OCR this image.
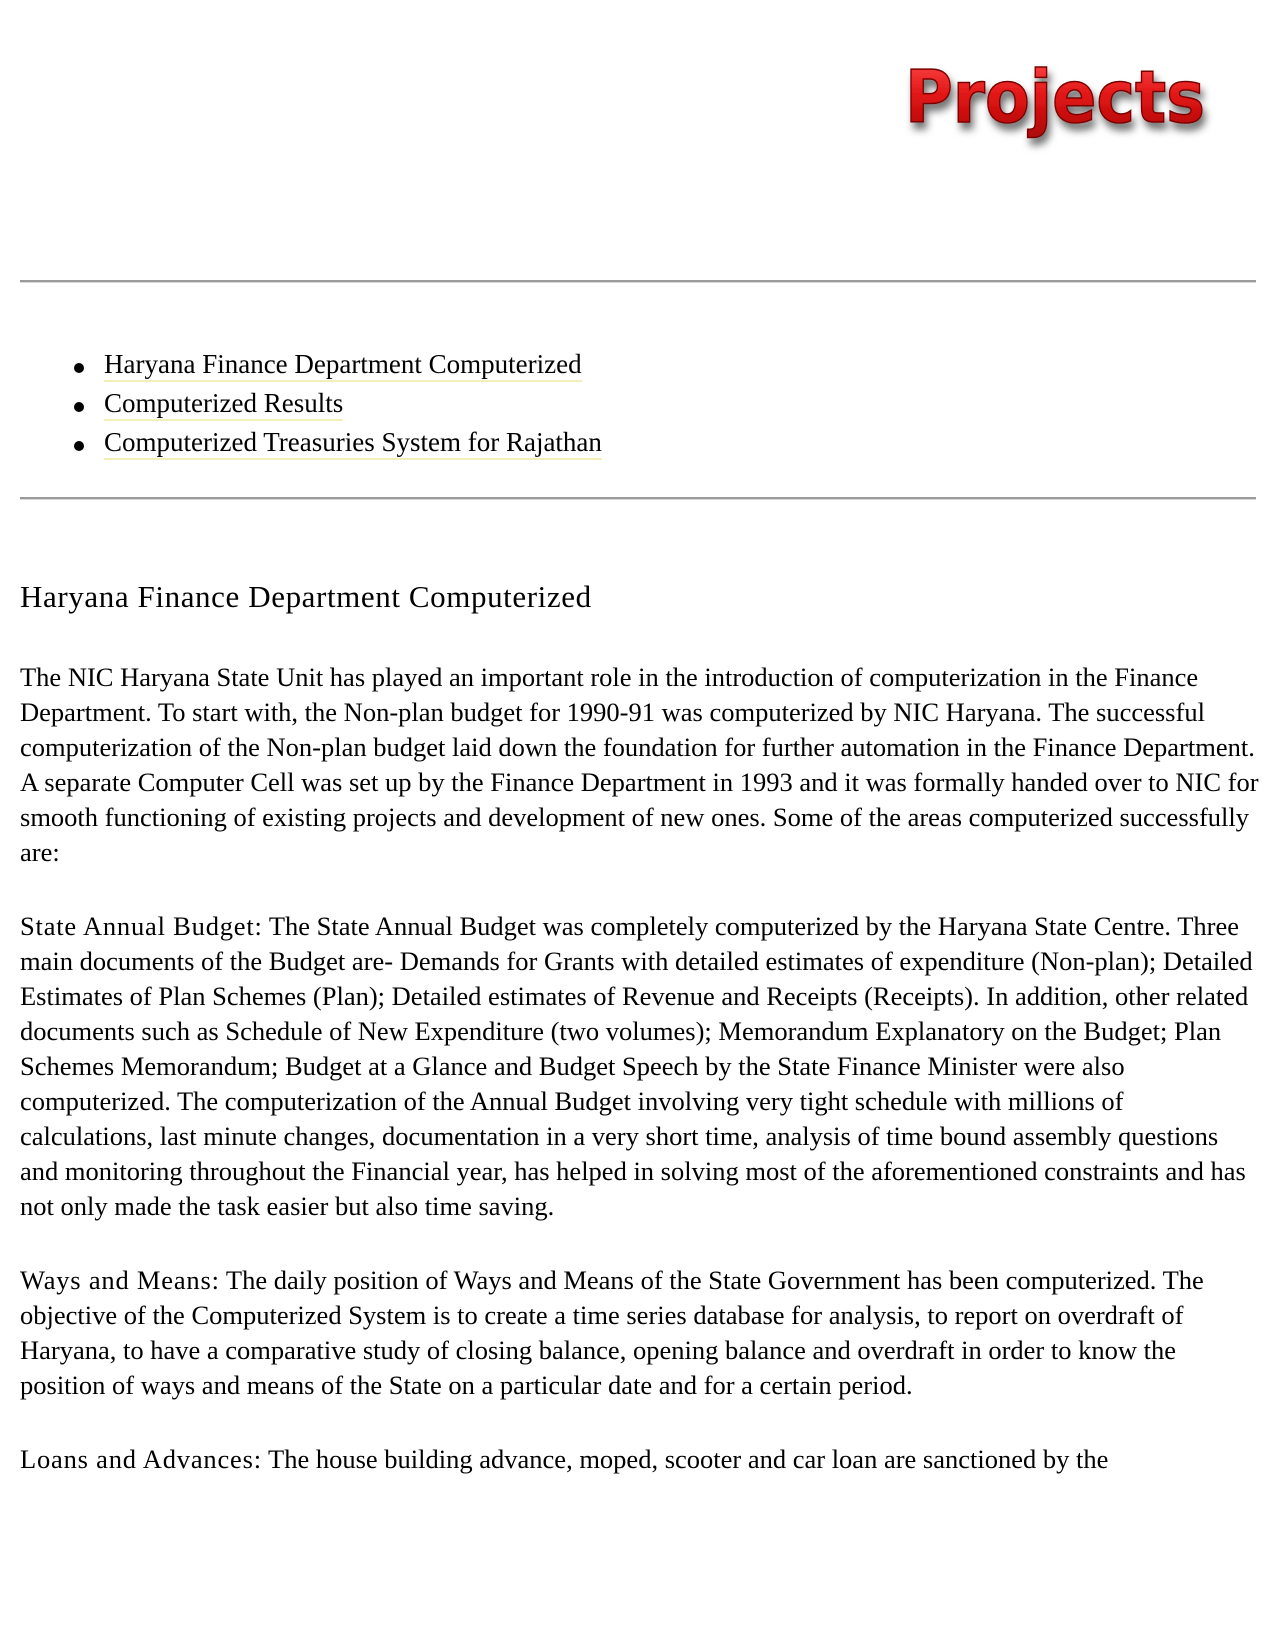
Projects
Haryana Finance Department Computerized
Computerized Results
Computerized Treasuries System for Rajathan
Haryana Finance Department Computerized

The NIC Haryana State Unit has played an important role in the introduction of computerization in the Finance Department. To start with, the Non-plan budget for 1990-91 was computerized by NIC Haryana. The successful computerization of the Non-plan budget laid down the foundation for further automation in the Finance Department. A separate Computer Cell was set up by the Finance Department in 1993 and it was formally handed over to NIC for smooth functioning of existing projects and development of new ones. Some of the areas computerized successfully are:

State Annual Budget: The State Annual Budget was completely computerized by the Haryana State Centre. Three main documents of the Budget are- Demands for Grants with detailed estimates of expenditure (Non-plan); Detailed Estimates of Plan Schemes (Plan); Detailed estimates of Revenue and Receipts (Receipts). In addition, other related documents such as Schedule of New Expenditure (two volumes); Memorandum Explanatory on the Budget; Plan Schemes Memorandum; Budget at a Glance and Budget Speech by the State Finance Minister were also computerized. The computerization of the Annual Budget involving very tight schedule with millions of calculations, last minute changes, documentation in a very short time, analysis of time bound assembly questions and monitoring throughout the Financial year, has helped in solving most of the aforementioned constraints and has not only made the task easier but also time saving.

Ways and Means: The daily position of Ways and Means of the State Government has been computerized. The objective of the Computerized System is to create a time series database for analysis, to report on overdraft of Haryana, to have a comparative study of closing balance, opening balance and overdraft in order to know the position of ways and means of the State on a particular date and for a certain period.

Loans and Advances: The house building advance, moped, scooter and car loan are sanctioned by the
